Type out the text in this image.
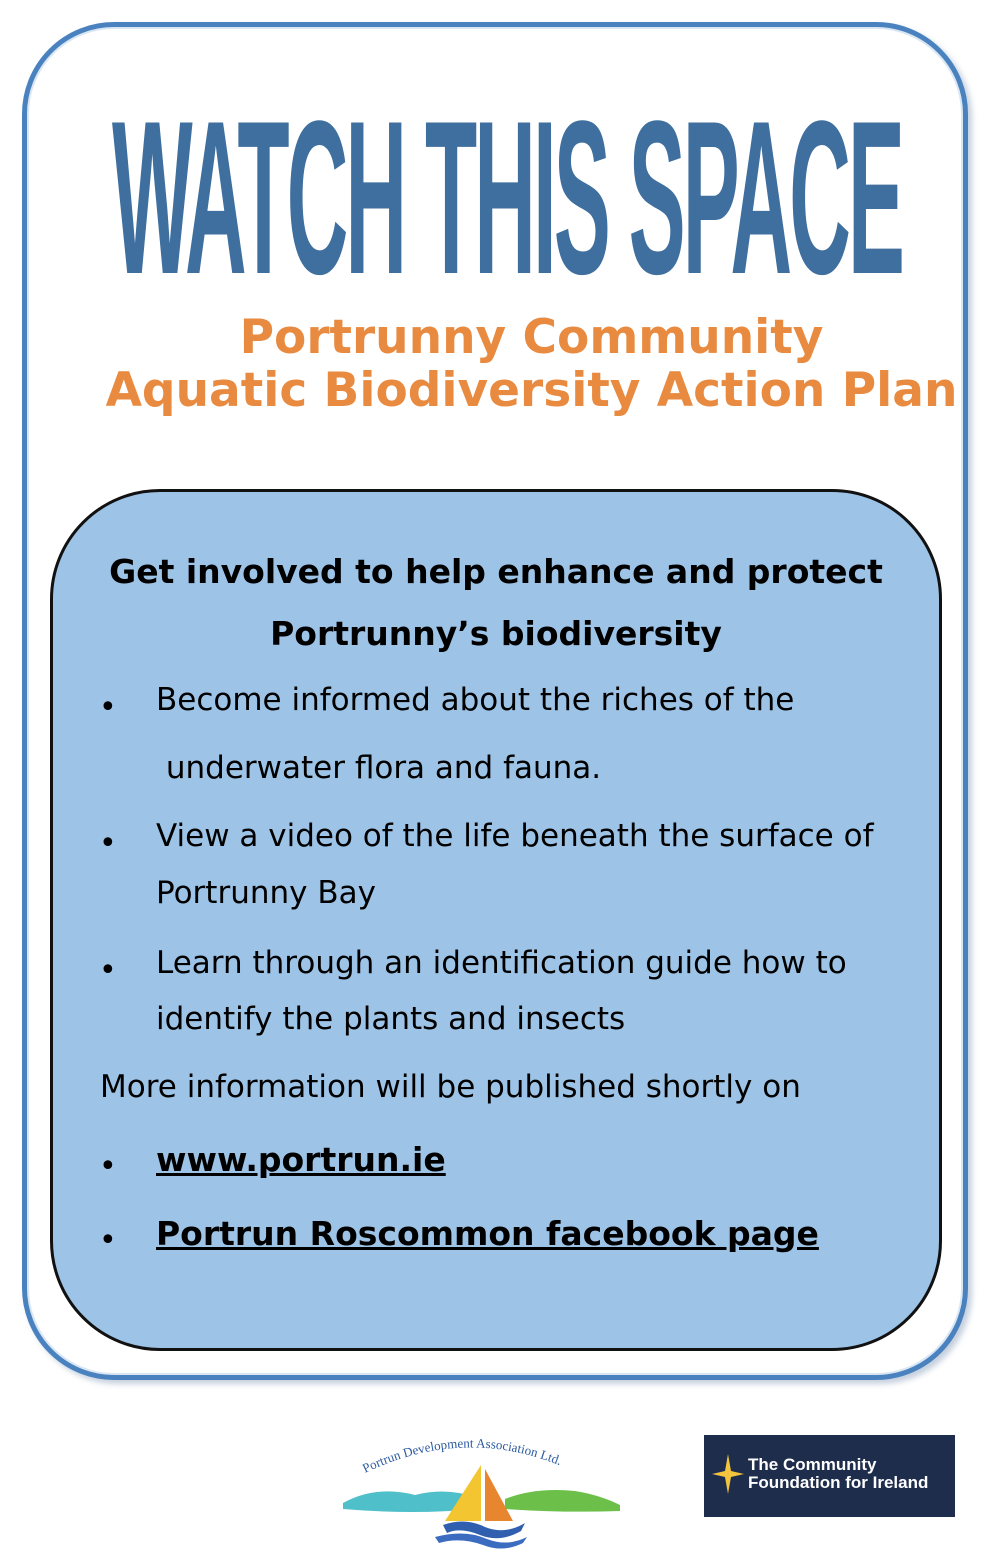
WATCH THIS SPACE
Portrunny Community
Aquatic Biodiversity Action Plan
Get involved to help enhance and protect
Portrunny’s biodiversity
• Become informed about the riches of the
underwater flora and fauna.
• View a video of the life beneath the surface of
Portrunny Bay
• Learn through an identification guide how to
identify the plants and insects
More information will be published shortly on
• www.portrun.ie
• Portrun Roscommon facebook page
Portrun Development Association Ltd.	The Community
Foundation for Ireland
